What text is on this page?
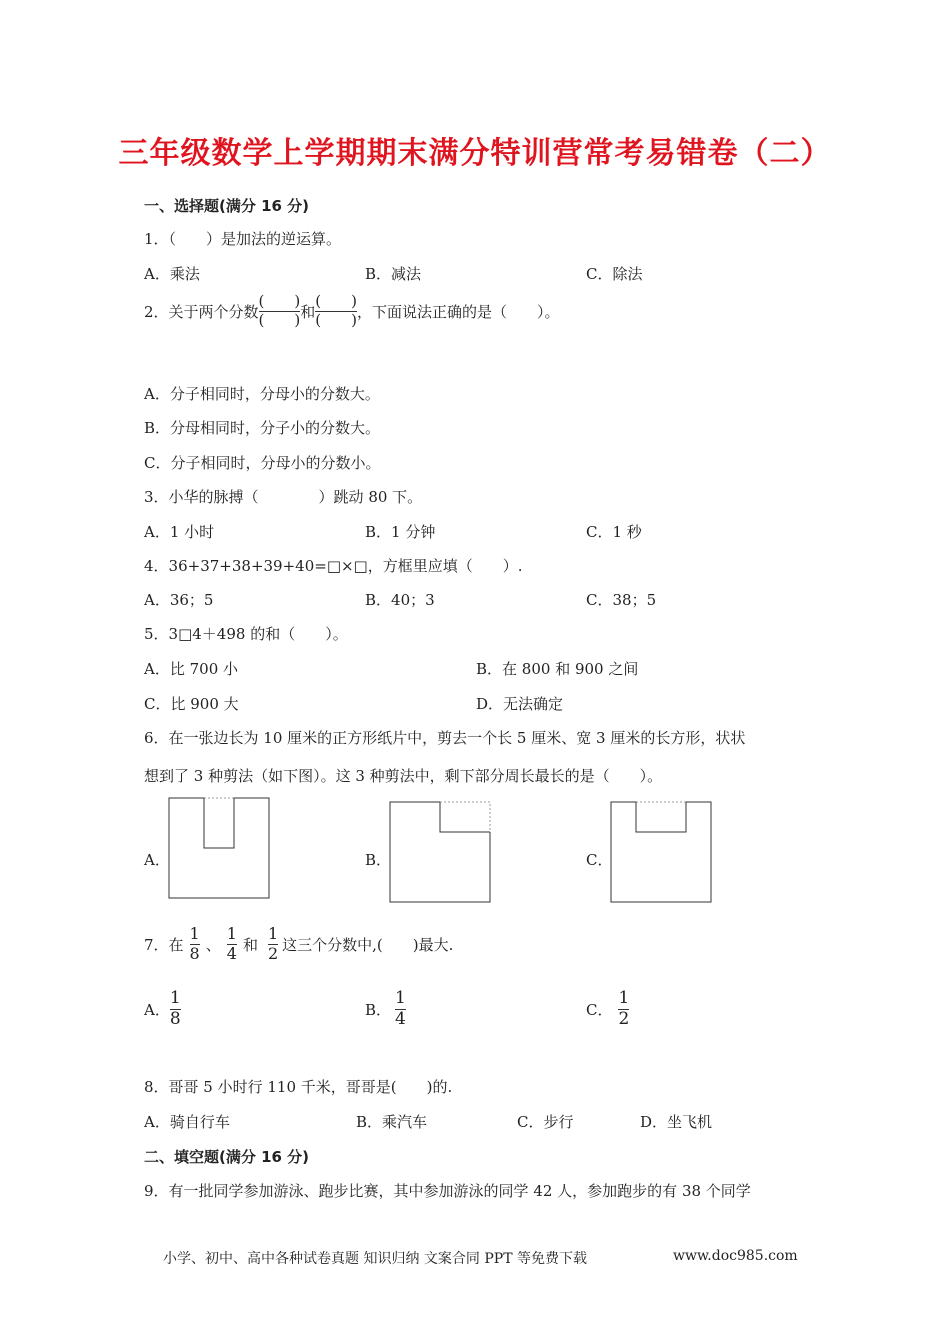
三年级数学上学期期末满分特训营常考易错卷（二）
一、选择题(满分 16 分)
1．（　　）是加法的逆运算。
A．乘法	B．减法	C．除法
2．关于两个分数 $\frac{( )}{( )}$ 和 $\frac{( )}{( )}$ ，下面说法正确的是（　　）。
A．分子相同时，分母小的分数大。
B．分母相同时，分子小的分数大。
C．分子相同时，分母小的分数小。
3．小华的脉搏（　　　　）跳动 80 下。
A．1 小时	B．1 分钟	C．1 秒
4．36+37+38+39+40=□×□，方框里应填（　　）.
A．36；5	B．40；3	C．38；5
5．3□4＋498 的和（　　）。
A．比 700 小	B．在 800 和 900 之间
C．比 900 大	D．无法确定
6．在一张边长为 10 厘米的正方形纸片中，剪去一个长 5 厘米、宽 3 厘米的长方形，状状
想到了 3 种剪法（如下图）。这 3 种剪法中，剩下部分周长最长的是（　　）。
A．	B．	C．
7．在 $\frac{1}{8}$ 、 $\frac{1}{4}$ 和 $\frac{1}{2}$ 这三个分数中,(　　)最大.
A． $\frac{1}{8}$	B． $\frac{1}{4}$	C． $\frac{1}{2}$
8．哥哥 5 小时行 110 千米，哥哥是(　　)的.
A．骑自行车	B．乘汽车	C．步行	D．坐飞机
二、填空题(满分 16 分)
9．有一批同学参加游泳、跑步比赛，其中参加游泳的同学 42 人，参加跑步的有 38 个同学
小学、初中、高中各种试卷真题 知识归纳 文案合同 PPT 等免费下载	www.doc985.com
